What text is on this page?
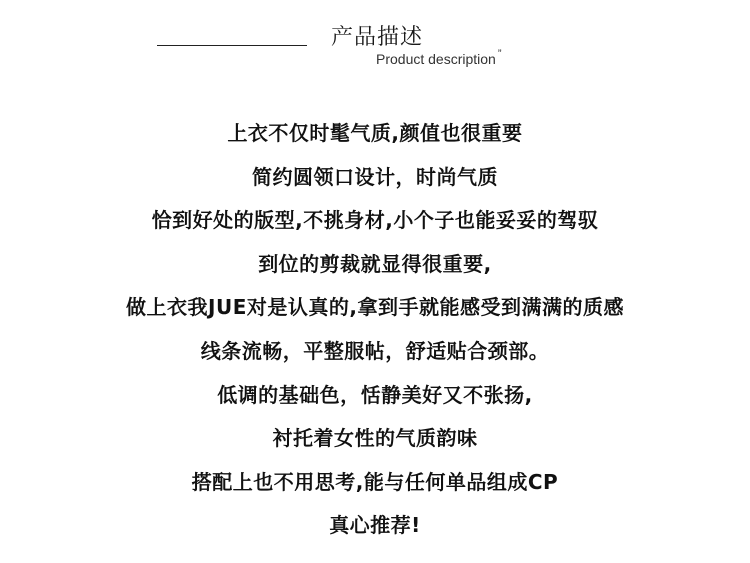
产品描述
Product description ”
上衣不仅时髦气质,颜值也很重要
简约圆领口设计，时尚气质
恰到好处的版型,不挑身材,小个子也能妥妥的驾驭
到位的剪裁就显得很重要,
做上衣我JUE对是认真的,拿到手就能感受到满满的质感
线条流畅，平整服帖，舒适贴合颈部。
低调的基础色，恬静美好又不张扬,
衬托着女性的气质韵味
搭配上也不用思考,能与任何单品组成CP
真心推荐!
